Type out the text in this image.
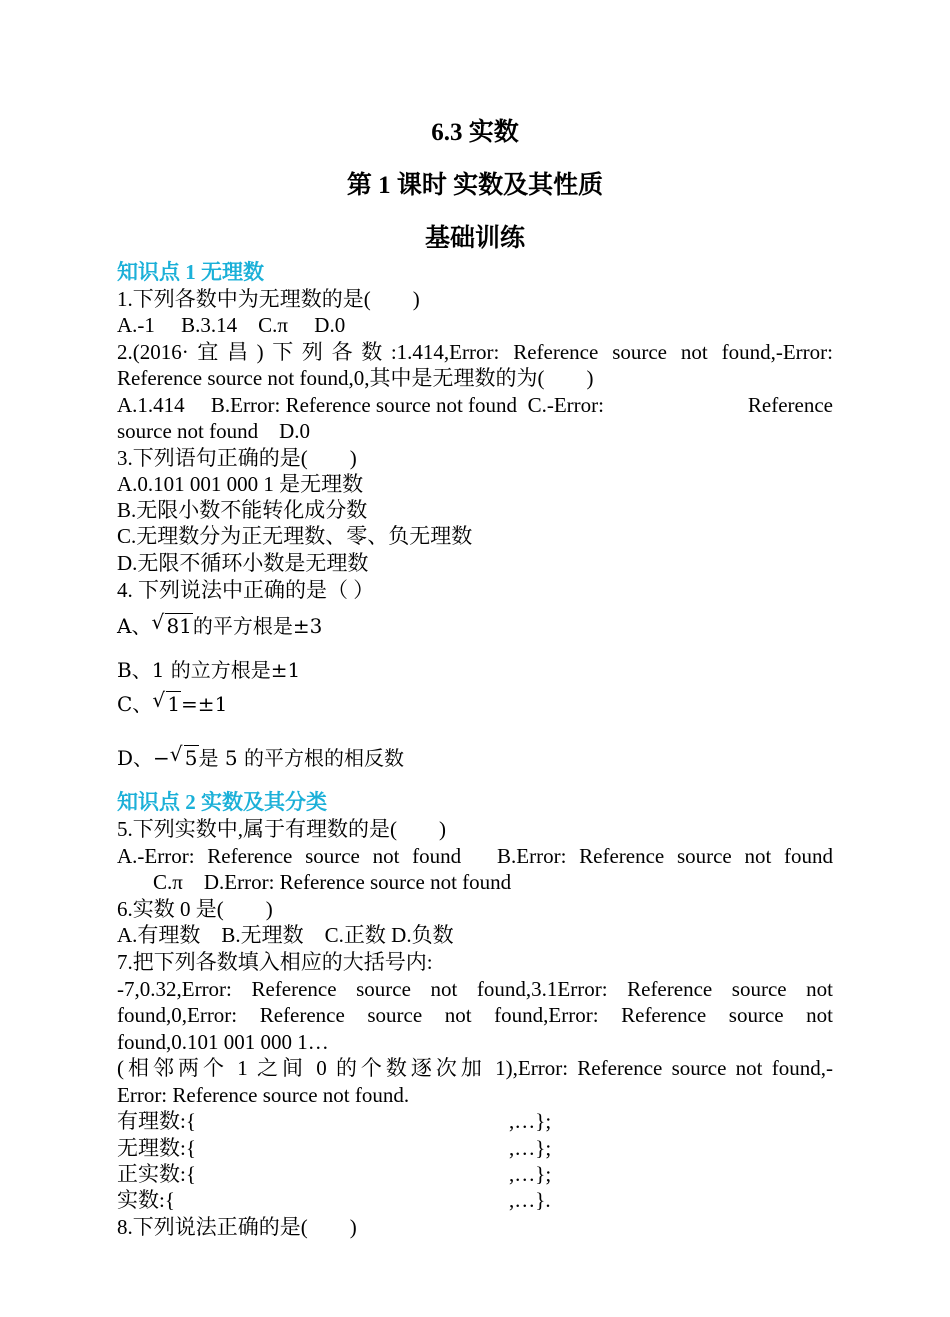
6.3 实数
第 1 课时 实数及其性质
基础训练
知识点 1 无理数
1.下列各数中为无理数的是(　　)
A.-1　 B.3.14　C.π　 D.0
2.(2016·宜昌)下列各数:1.414,Error: Reference source not found,-Error:
Reference source not found,0,其中是无理数的为(　　)
A.1.414 B.Error: Reference source not found C.-Error:	Reference
source not found　D.0
3.下列语句正确的是(　　)
A.0.101 001 000 1 是无理数
B.无限小数不能转化成分数
C.无理数分为正无理数、零、负无理数
D.无限不循环小数是无理数
4. 下列说法中正确的是（ ）
A、 √ 81的平方根是±3
B、1 的立方根是±1
C、 √ 1=±1
D、− √ 5是 5 的平方根的相反数
知识点 2 实数及其分类
5.下列实数中,属于有理数的是(　　)
A.-Error: Reference source not found　B.Error: Reference source not found
C.π　D.Error: Reference source not found
6.实数 0 是(　　)
A.有理数　B.无理数　C.正数 D.负数
7.把下列各数填入相应的大括号内:
-7,0.32,Error: Reference source not found,3.1Error: Reference source not
found,0,Error: Reference source not found,Error: Reference source not
found,0.101 001 000 1…
(相邻两个 1 之间 0 的个数逐次加 1),Error: Reference source not found,-
Error: Reference source not found.
有理数:{	,…};
无理数:{	,…};
正实数:{	,…};
实数:{	,…}.
8.下列说法正确的是(　　)
